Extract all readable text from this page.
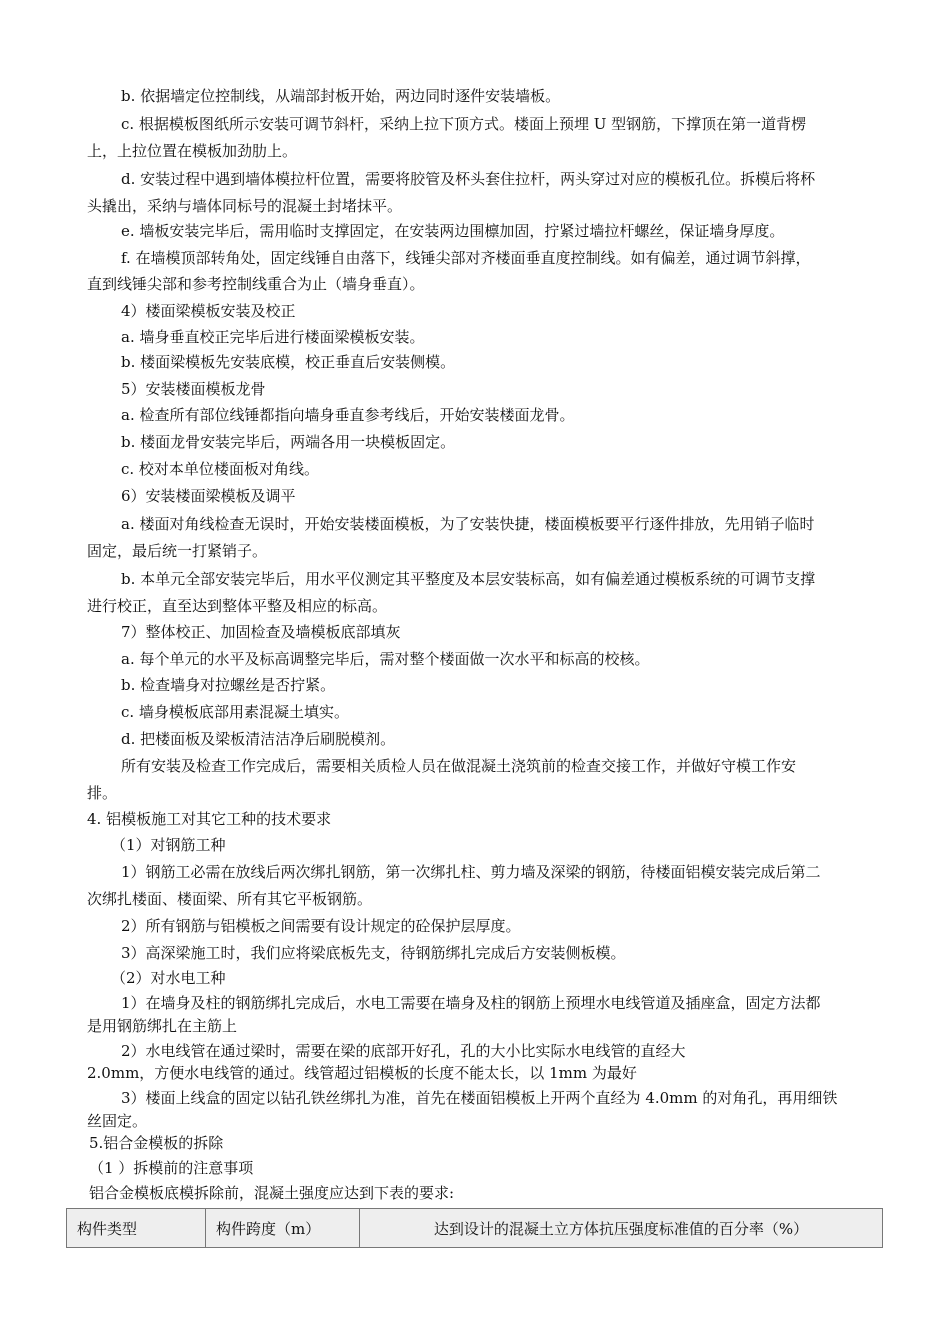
b. 依据墙定位控制线，从端部封板开始，两边同时逐件安装墙板。
c. 根据模板图纸所示安装可调节斜杆，采纳上拉下顶方式。楼面上预埋 U 型钢筋，下撑顶在第一道背楞
上，上拉位置在模板加劲肋上。
d. 安装过程中遇到墙体模拉杆位置，需要将胶管及杯头套住拉杆，两头穿过对应的模板孔位。拆模后将杯
头撬出，采纳与墙体同标号的混凝土封堵抹平。
e. 墙板安装完毕后，需用临时支撑固定，在安装两边围檩加固，拧紧过墙拉杆螺丝，保证墙身厚度。
f. 在墙模顶部转角处，固定线锤自由落下，线锤尖部对齐楼面垂直度控制线。如有偏差，通过调节斜撑，
直到线锤尖部和参考控制线重合为止（墙身垂直）。
4）楼面梁模板安装及校正
a. 墙身垂直校正完毕后进行楼面梁模板安装。
b. 楼面梁模板先安装底模，校正垂直后安装侧模。
5）安装楼面模板龙骨
a. 检查所有部位线锤都指向墙身垂直参考线后，开始安装楼面龙骨。
b. 楼面龙骨安装完毕后，两端各用一块模板固定。
c. 校对本单位楼面板对角线。
6）安装楼面梁模板及调平
a. 楼面对角线检查无误时，开始安装楼面模板，为了安装快捷，楼面模板要平行逐件排放，先用销子临时
固定，最后统一打紧销子。
b. 本单元全部安装完毕后，用水平仪测定其平整度及本层安装标高，如有偏差通过模板系统的可调节支撑
进行校正，直至达到整体平整及相应的标高。
7）整体校正、加固检查及墙模板底部填灰
a. 每个单元的水平及标高调整完毕后，需对整个楼面做一次水平和标高的校核。
b. 检查墙身对拉螺丝是否拧紧。
c. 墙身模板底部用素混凝土填实。
d. 把楼面板及梁板清洁洁净后刷脱模剂。
所有安装及检查工作完成后，需要相关质检人员在做混凝土浇筑前的检查交接工作，并做好守模工作安
排。
4. 铝模板施工对其它工种的技术要求
（1）对钢筋工种
1）钢筋工必需在放线后两次绑扎钢筋，第一次绑扎柱、剪力墙及深梁的钢筋，待楼面铝模安装完成后第二
次绑扎楼面、楼面梁、所有其它平板钢筋。
2）所有钢筋与铝模板之间需要有设计规定的砼保护层厚度。
3）高深梁施工时，我们应将梁底板先支，待钢筋绑扎完成后方安装侧板模。
（2）对水电工种
1）在墙身及柱的钢筋绑扎完成后，水电工需要在墙身及柱的钢筋上预埋水电线管道及插座盒，固定方法都
是用钢筋绑扎在主筋上
2）水电线管在通过梁时，需要在梁的底部开好孔，孔的大小比实际水电线管的直经大
2.0mm，方便水电线管的通过。线管超过铝模板的长度不能太长，以 1mm 为最好
3）楼面上线盒的固定以钻孔铁丝绑扎为准，首先在楼面铝模板上开两个直经为 4.0mm 的对角孔，再用细铁
丝固定。
5.铝合金模板的拆除
（1 ）拆模前的注意事项
铝合金模板底模拆除前，混凝土强度应达到下表的要求:
构件类型	构件跨度（m）	达到设计的混凝土立方体抗压强度标准值的百分率（%）
